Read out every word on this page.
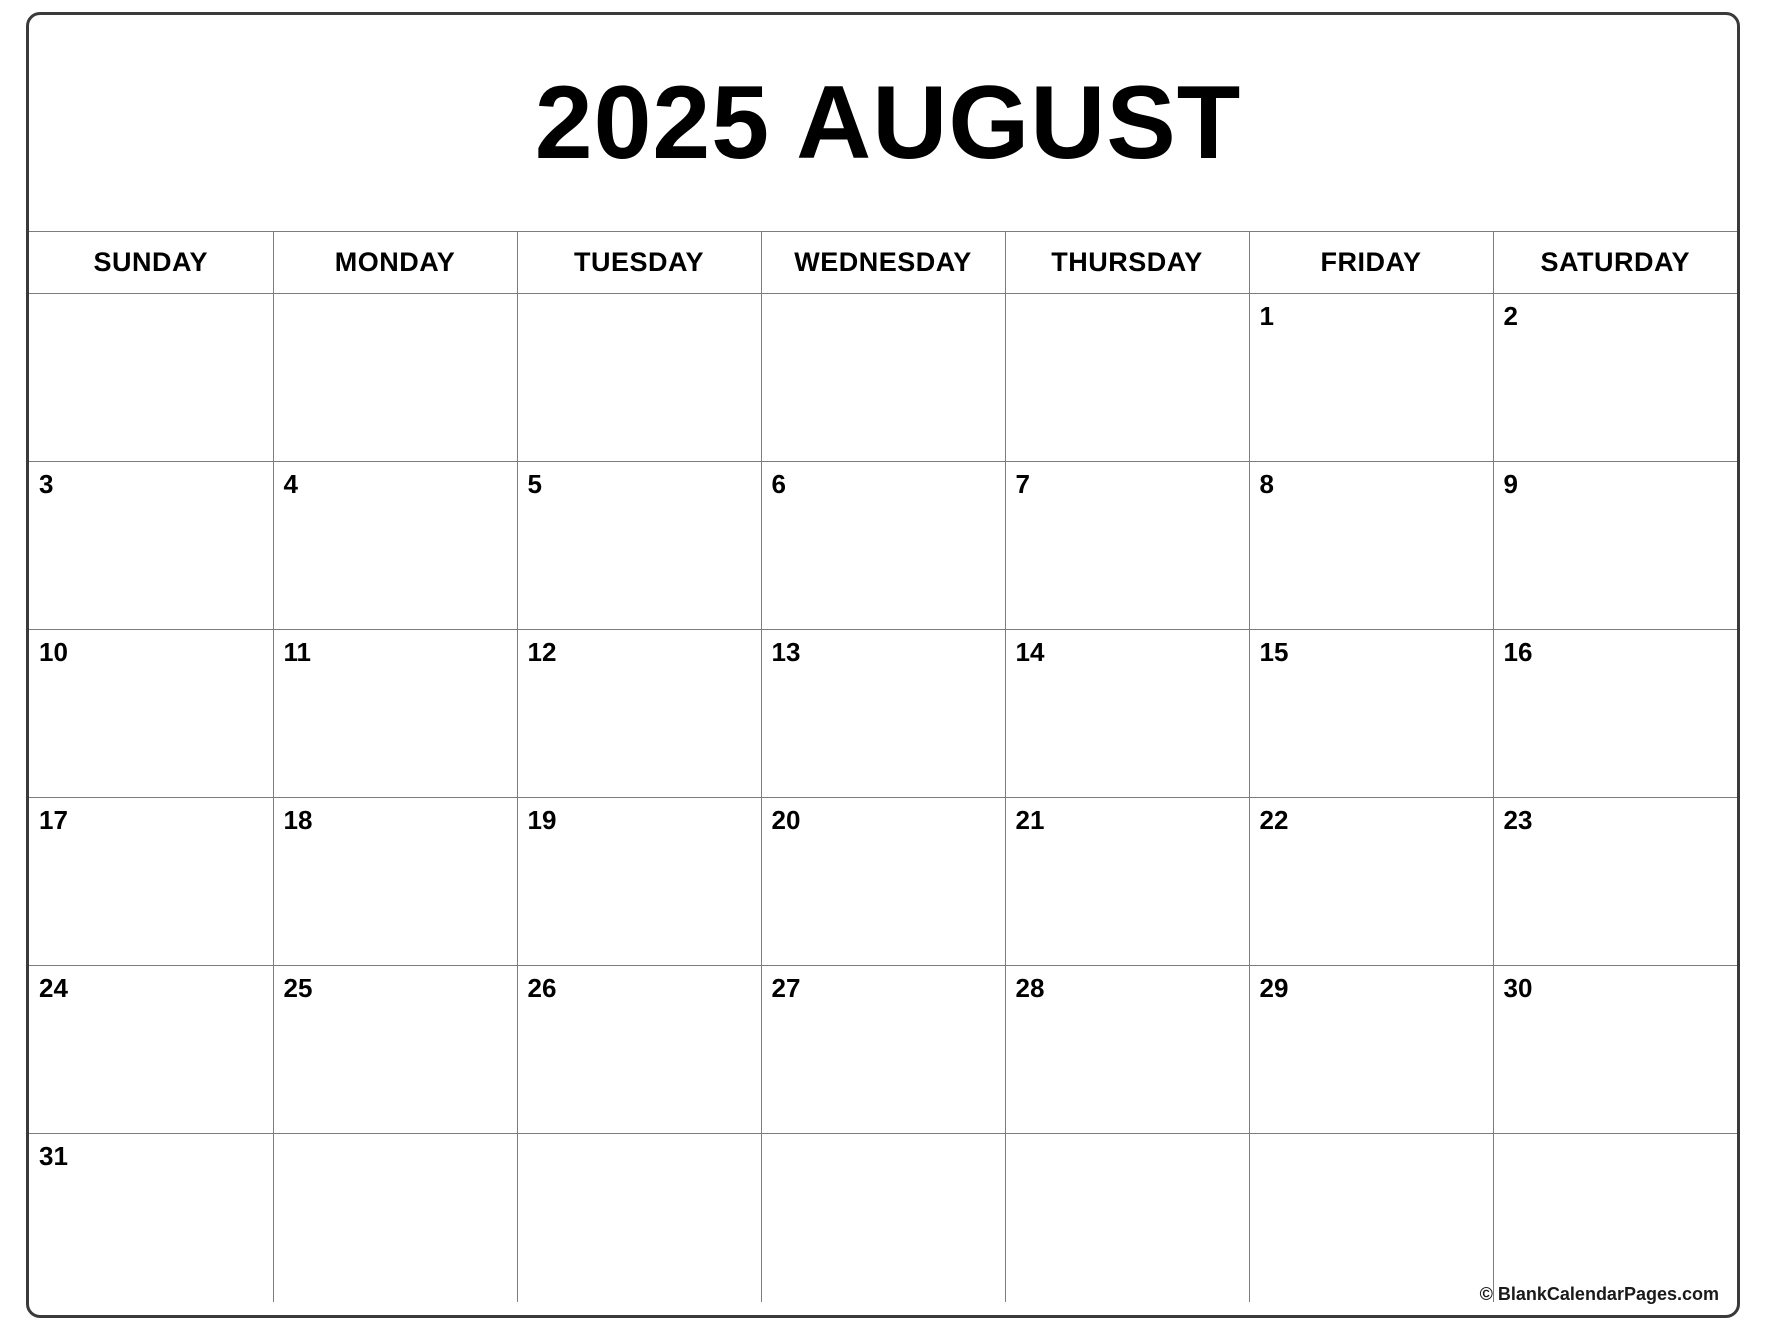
2025 AUGUST
SUNDAY	MONDAY	TUESDAY	WEDNESDAY	THURSDAY	FRIDAY	SATURDAY

					1	2

3	4	5	6	7	8	9

10	11	12	13	14	15	16

17	18	19	20	21	22	23

24	25	26	27	28	29	30

31						

© BlankCalendarPages.com
